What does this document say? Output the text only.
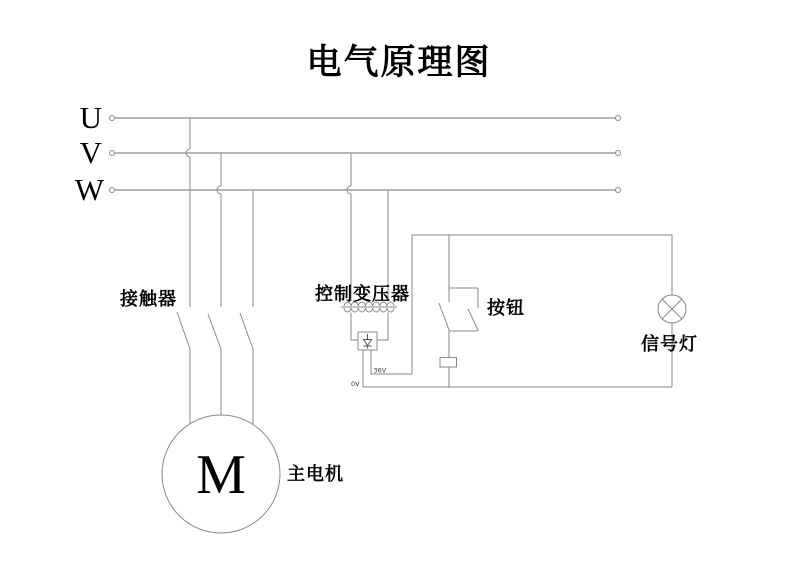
电气原理图
U
V
W
接触器
M 主电机
控制变压器
36V
0V
按钮
信号灯
